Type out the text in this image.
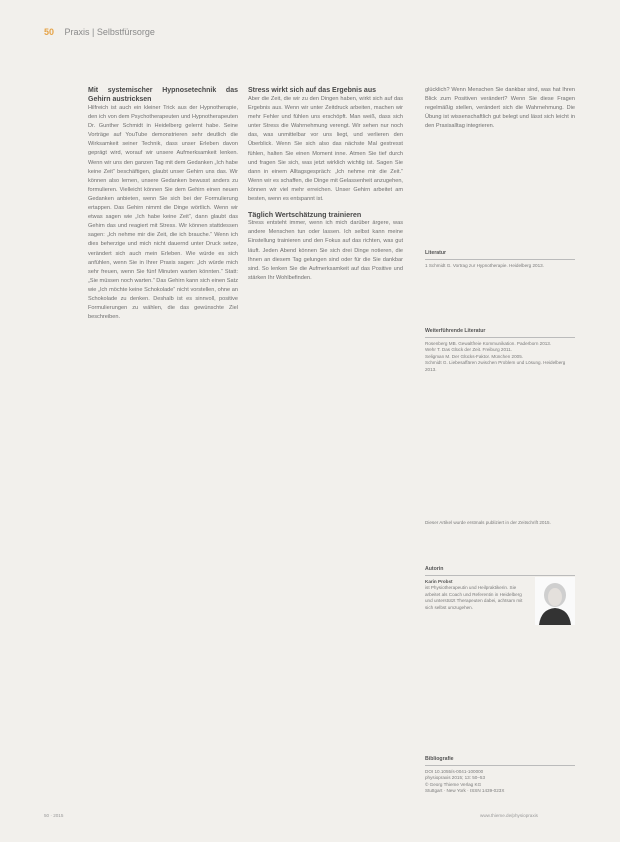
50 Praxis | Selbstfürsorge
Mit systemischer Hypnosetechnik das Gehirn austricksen

Hilfreich ist auch ein kleiner Trick aus der Hypnotherapie, den ich von dem Psychotherapeuten und Hypnotherapeuten Dr. Gunther Schmidt in Heidelberg gelernt habe. Seine Vorträge auf YouTube demonstrieren sehr deutlich die Wirksamkeit seiner Technik, dass unser Erleben davon geprägt wird, worauf wir unsere Aufmerksamkeit lenken. Wenn wir uns den ganzen Tag mit dem Gedanken „Ich habe keine Zeit“ beschäftigen, glaubt unser Gehirn uns das. Wir können also lernen, unsere Gedanken bewusst anders zu formulieren. Vielleicht können Sie dem Gehirn einen neuen Gedanken anbieten, wenn Sie sich bei der Formulierung ertappen. Das Gehirn nimmt die Dinge wörtlich. Wenn wir etwas sagen wie „Ich habe keine Zeit“, dann glaubt das Gehirn das und reagiert mit Stress. Wir können stattdessen sagen: „Ich nehme mir die Zeit, die ich brauche.“ Wenn ich dies beherzige und mich nicht dauernd unter Druck setze, verändert sich auch mein Erleben. Wie würde es sich anfühlen, wenn Sie in Ihrer Praxis sagen: „Ich würde mich sehr freuen, wenn Sie fünf Minuten warten könnten.“ Statt: „Sie müssen noch warten.“ Das Gehirn kann sich einen Satz wie „Ich möchte keine Schokolade“ nicht vorstellen, ohne an Schokolade zu denken. Deshalb ist es sinnvoll, positive Formulierungen zu wählen, die das gewünschte Ziel beschreiben.

Stress wirkt sich auf das Ergebnis aus

Aber die Zeit, die wir zu den Dingen haben, wirkt sich auf das Ergebnis aus. Wenn wir unter Zeitdruck arbeiten, machen wir mehr Fehler und fühlen uns erschöpft. Man weiß, dass sich unter Stress die Wahrnehmung verengt. Wir sehen nur noch das, was unmittelbar vor uns liegt, und verlieren den Überblick. Wenn Sie sich also das nächste Mal gestresst fühlen, halten Sie einen Moment inne. Atmen Sie tief durch und fragen Sie sich, was jetzt wirklich wichtig ist. Sagen Sie dann in einem Alltagsgespräch: „Ich nehme mir die Zeit.“ Wenn wir es schaffen, die Dinge mit Gelassenheit anzugehen, können wir viel mehr erreichen. Unser Gehirn arbeitet am besten, wenn es entspannt ist.

Täglich Wertschätzung trainieren

Stress entsteht immer, wenn ich mich darüber ärgere, was andere Menschen tun oder lassen. Ich selbst kann meine Einstellung trainieren und den Fokus auf das richten, was gut läuft. Jeden Abend können Sie sich drei Dinge notieren, die Ihnen an diesem Tag gelungen sind oder für die Sie dankbar sind. So lenken Sie die Aufmerksamkeit auf das Positive und stärken Ihr Wohlbefinden.

glücklich? Wenn Menschen Sie dankbar sind, was hat Ihren Blick zum Positiven verändert? Wenn Sie diese Fragen regelmäßig stellen, verändert sich die Wahrnehmung. Die Übung ist wissenschaftlich gut belegt und lässt sich leicht in den Praxisalltag integrieren.

Literatur
1 Schmidt G. Vortrag zur Hypnotherapie. Heidelberg 2013.
Weiterführende Literatur
Rosenberg MB. Gewaltfreie Kommunikation. Paderborn 2013.
Wehr T. Das Glück der Zeit. Freiburg 2011.
Seligman M. Der Glücks-Faktor. München 2005.
Schmidt G. Liebesaffären zwischen Problem und Lösung. Heidelberg 2013.
Dieser Artikel wurde erstmals publiziert in der Zeitschrift 2015.
Autorin
Karin Probst
ist Physiotherapeutin und Heilpraktikerin. Sie arbeitet als Coach und Referentin in Heidelberg und unterstützt Therapeuten dabei, achtsam mit sich selbst umzugehen.
Bibliografie
DOI 10.1055/s-0041-100000
physiopraxis 2015; 13: 50–53
© Georg Thieme Verlag KG
Stuttgart · New York · ISSN 1439-023X
50 · 2015	www.thieme.de/physiopraxis
